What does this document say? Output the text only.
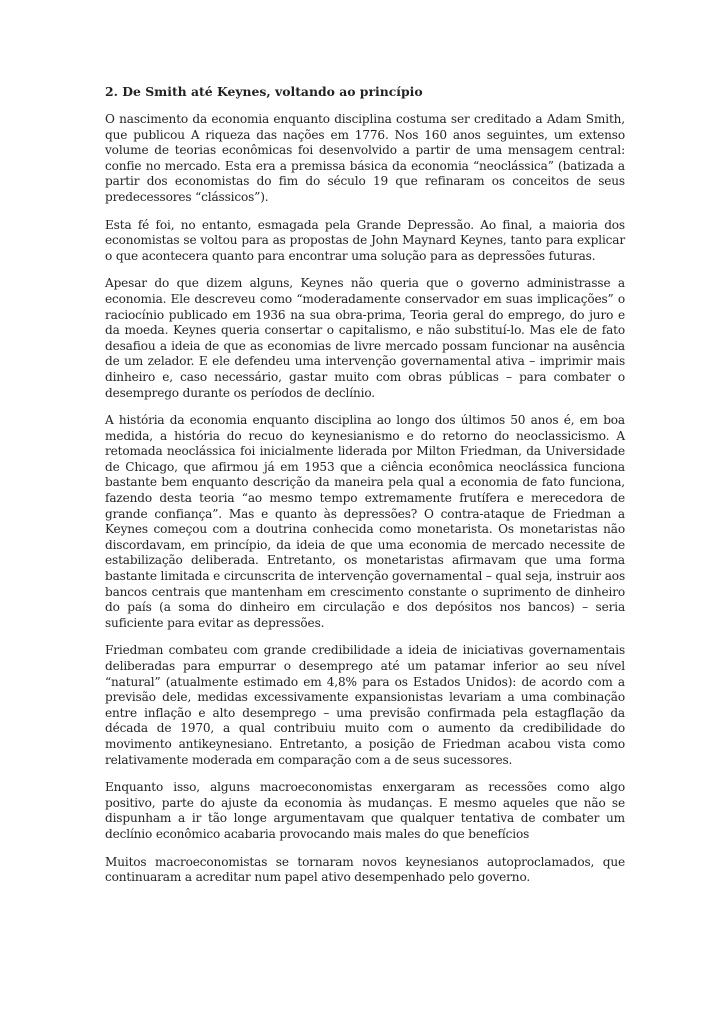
2. De Smith até Keynes, voltando ao princípio

O nascimento da economia enquanto disciplina costuma ser creditado a Adam Smith, que publicou A riqueza das nações em 1776. Nos 160 anos seguintes, um extenso volume de teorias econômicas foi desenvolvido a partir de uma mensagem central: confie no mercado. Esta era a premissa básica da economia “neoclássica” (batizada a partir dos economistas do fim do século 19 que refinaram os conceitos de seus predecessores “clássicos”).

Esta fé foi, no entanto, esmagada pela Grande Depressão. Ao final, a maioria dos economistas se voltou para as propostas de John Maynard Keynes, tanto para explicar o que acontecera quanto para encontrar uma solução para as depressões futuras.

Apesar do que dizem alguns, Keynes não queria que o governo administrasse a economia. Ele descreveu como “moderadamente conservador em suas implicações” o raciocínio publicado em 1936 na sua obra-prima, Teoria geral do emprego, do juro e da moeda. Keynes queria consertar o capitalismo, e não substituí-lo. Mas ele de fato desafiou a ideia de que as economias de livre mercado possam funcionar na ausência de um zelador. E ele defendeu uma intervenção governamental ativa – imprimir mais dinheiro e, caso necessário, gastar muito com obras públicas – para combater o desemprego durante os períodos de declínio.

A história da economia enquanto disciplina ao longo dos últimos 50 anos é, em boa medida, a história do recuo do keynesianismo e do retorno do neoclassicismo. A retomada neoclássica foi inicialmente liderada por Milton Friedman, da Universidade de Chicago, que afirmou já em 1953 que a ciência econômica neoclássica funciona bastante bem enquanto descrição da maneira pela qual a economia de fato funciona, fazendo desta teoria “ao mesmo tempo extremamente frutífera e merecedora de grande confiança”. Mas e quanto às depressões? O contra-ataque de Friedman a Keynes começou com a doutrina conhecida como monetarista. Os monetaristas não discordavam, em princípio, da ideia de que uma economia de mercado necessite de estabilização deliberada. Entretanto, os monetaristas afirmavam que uma forma bastante limitada e circunscrita de intervenção governamental – qual seja, instruir aos bancos centrais que mantenham em crescimento constante o suprimento de dinheiro do país (a soma do dinheiro em circulação e dos depósitos nos bancos) – seria suficiente para evitar as depressões.

Friedman combateu com grande credibilidade a ideia de iniciativas governamentais deliberadas para empurrar o desemprego até um patamar inferior ao seu nível “natural” (atualmente estimado em 4,8% para os Estados Unidos): de acordo com a previsão dele, medidas excessivamente expansionistas levariam a uma combinação entre inflação e alto desemprego – uma previsão confirmada pela estagflação da década de 1970, a qual contribuiu muito com o aumento da credibilidade do movimento antikeynesiano. Entretanto, a posição de Friedman acabou vista como relativamente moderada em comparação com a de seus sucessores.

Enquanto isso, alguns macroeconomistas enxergaram as recessões como algo positivo, parte do ajuste da economia às mudanças. E mesmo aqueles que não se dispunham a ir tão longe argumentavam que qualquer tentativa de combater um declínio econômico acabaria provocando mais males do que benefícios

Muitos macroeconomistas se tornaram novos keynesianos autoproclamados, que continuaram a acreditar num papel ativo desempenhado pelo governo.
